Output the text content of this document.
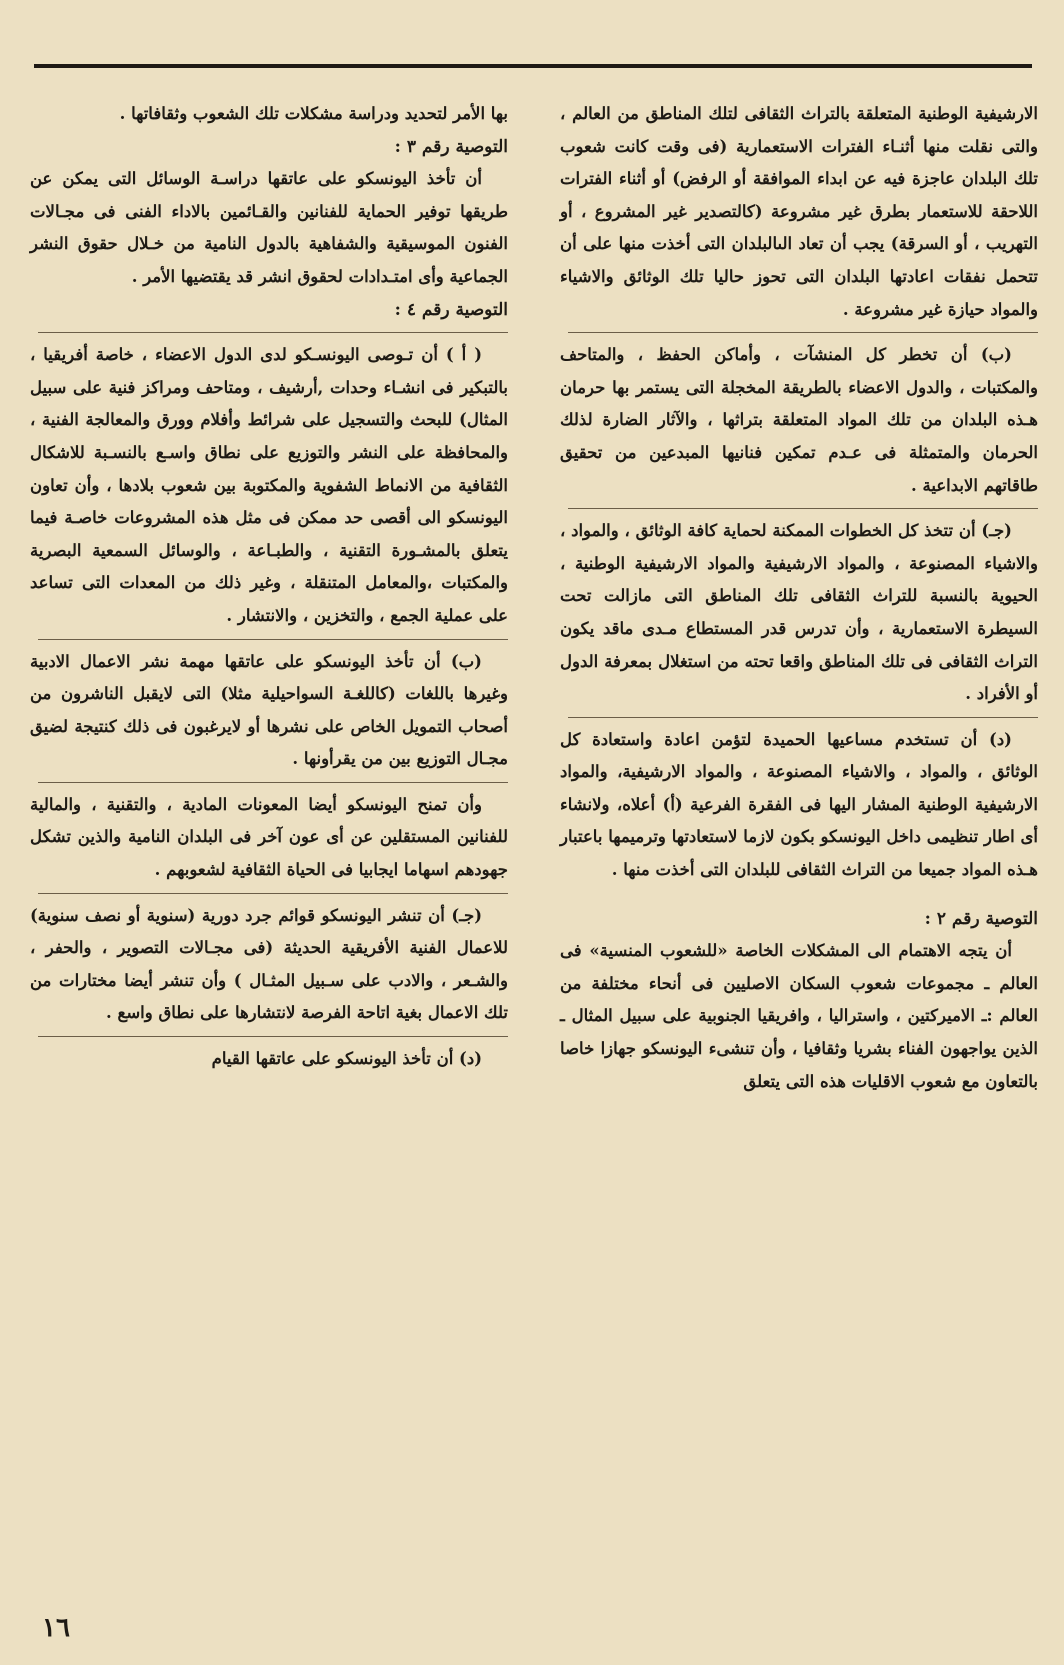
الارشيفية الوطنية المتعلقة بالتراث الثقافى لتلك المناطق من العالم ، والتى نقلت منها أثنـاء الفترات الاستعمارية (فى وقت كانت شعوب تلك البلدان عاجزة فيه عن ابداء الموافقة أو الرفض) أو أثناء الفترات اللاحقة للاستعمار بطرق غير مشروعة (كالتصدير غير المشروع ، أو التهريب ، أو السرقة) يجب أن تعاد الىالبلدان التى أخذت منها على أن تتحمل نفقات اعادتها البلدان التى تحوز حاليا تلك الوثائق والاشياء والمواد حيازة غير مشروعة .

(ب) أن تخطر كل المنشآت ، وأماكن الحفظ ، والمتاحف والمكتبات ، والدول الاعضاء بالطريقة المخجلة التى يستمر بها حرمان هـذه البلدان من تلك المواد المتعلقة بتراثها ، والآثار الضارة لذلك الحرمان والمتمثلة فى عـدم تمكين فنانيها المبدعين من تحقيق طاقاتهم الابداعية .

(جـ) أن تتخذ كل الخطوات الممكنة لحماية كافة الوثائق ، والمواد ، والاشياء المصنوعة ، والمواد الارشيفية والمواد الارشيفية الوطنية ، الحيوية بالنسبة للتراث الثقافى تلك المناطق التى مازالت تحت السيطرة الاستعمارية ، وأن تدرس قدر المستطاع مـدى ماقد يكون التراث الثقافى فى تلك المناطق واقعا تحته من استغلال بمعرفة الدول أو الأفراد .

(د) أن تستخدم مساعيها الحميدة لتؤمن اعادة واستعادة كل الوثائق ، والمواد ، والاشياء المصنوعة ، والمواد الارشيفية، والمواد الارشيفية الوطنية المشار اليها فى الفقرة الفرعية (أ) أعلاه، ولانشاء أى اطار تنظيمى داخل اليونسكو بكون لازما لاستعادتها وترميمها باعتبار هـذه المواد جميعا من التراث الثقافى للبلدان التى أخذت منها .

التوصية رقم ٢ :

أن يتجه الاهتمام الى المشكلات الخاصة «للشعوب المنسية» فى العالم ـ مجموعات شعوب السكان الاصليين فى أنحاء مختلفة من العالم :ـ الاميركتين ، واستراليا ، وافريقيا الجنوبية على سبيل المثال ـ الذين يواجهون الفناء بشريا وثقافيا ، وأن تنشىء اليونسكو جهازا خاصا بالتعاون مع شعوب الاقليات هذه التى يتعلق

بها الأمر لتحديد ودراسة مشكلات تلك الشعوب وثقافاتها .

التوصية رقم ٣ :

أن تأخذ اليونسكو على عاتقها دراسـة الوسائل التى يمكن عن طريقها توفير الحماية للفنانين والقـائمين بالاداء الفنى فى مجـالات الفنون الموسيقية والشفاهية بالدول النامية من خـلال حقوق النشر الجماعية وأى امتـدادات لحقوق انشر قد يقتضيها الأمر .

التوصية رقم ٤ :

( أ ) أن تـوصى اليونسـكو لدى الدول الاعضاء ، خاصة أفريقيا ، بالتبكير فى انشـاء وحدات ,أرشيف ، ومتاحف ومراكز فنية على سبيل المثال) للبحث والتسجيل على شرائط وأفلام وورق والمعالجة الفنية ، والمحافظة على النشر والتوزيع على نطاق واسـع بالنسـبة للاشكال الثقافية من الانماط الشفوية والمكتوبة بين شعوب بلادها ، وأن تعاون اليونسكو الى أقصى حد ممكن فى مثل هذه المشروعات خاصـة فيما يتعلق بالمشـورة التقنية ، والطبـاعة ، والوسائل السمعية البصرية والمكتبات ،والمعامل المتنقلة ، وغير ذلك من المعدات التى تساعد على عملية الجمع ، والتخزين ، والانتشار .

(ب) أن تأخذ اليونسكو على عاتقها مهمة نشر الاعمال الادبية وغيرها باللغات (كاللغـة السواحيلية مثلا) التى لايقبل الناشرون من أصحاب التمويل الخاص على نشرها أو لايرغبون فى ذلك كنتيجة لضيق مجـال التوزيع بين من يقرأونها .

وأن تمنح اليونسكو أيضا المعونات المادية ، والتقنية ، والمالية للفنانين المستقلين عن أى عون آخر فى البلدان النامية والذين تشكل جهودهم اسهاما ايجابيا فى الحياة الثقافية لشعوبهم .

(جـ) أن تنشر اليونسكو قوائم جرد دورية (سنوية أو نصف سنوية) للاعمال الفنية الأفريقية الحديثة (فى مجـالات التصوير ، والحفر ، والشـعر ، والادب على سـبيل المثـال ) وأن تنشر أيضا مختارات من تلك الاعمال بغية اتاحة الفرصة لانتشارها على نطاق واسع .

(د) أن تأخذ اليونسكو على عاتقها القيام

١٦
